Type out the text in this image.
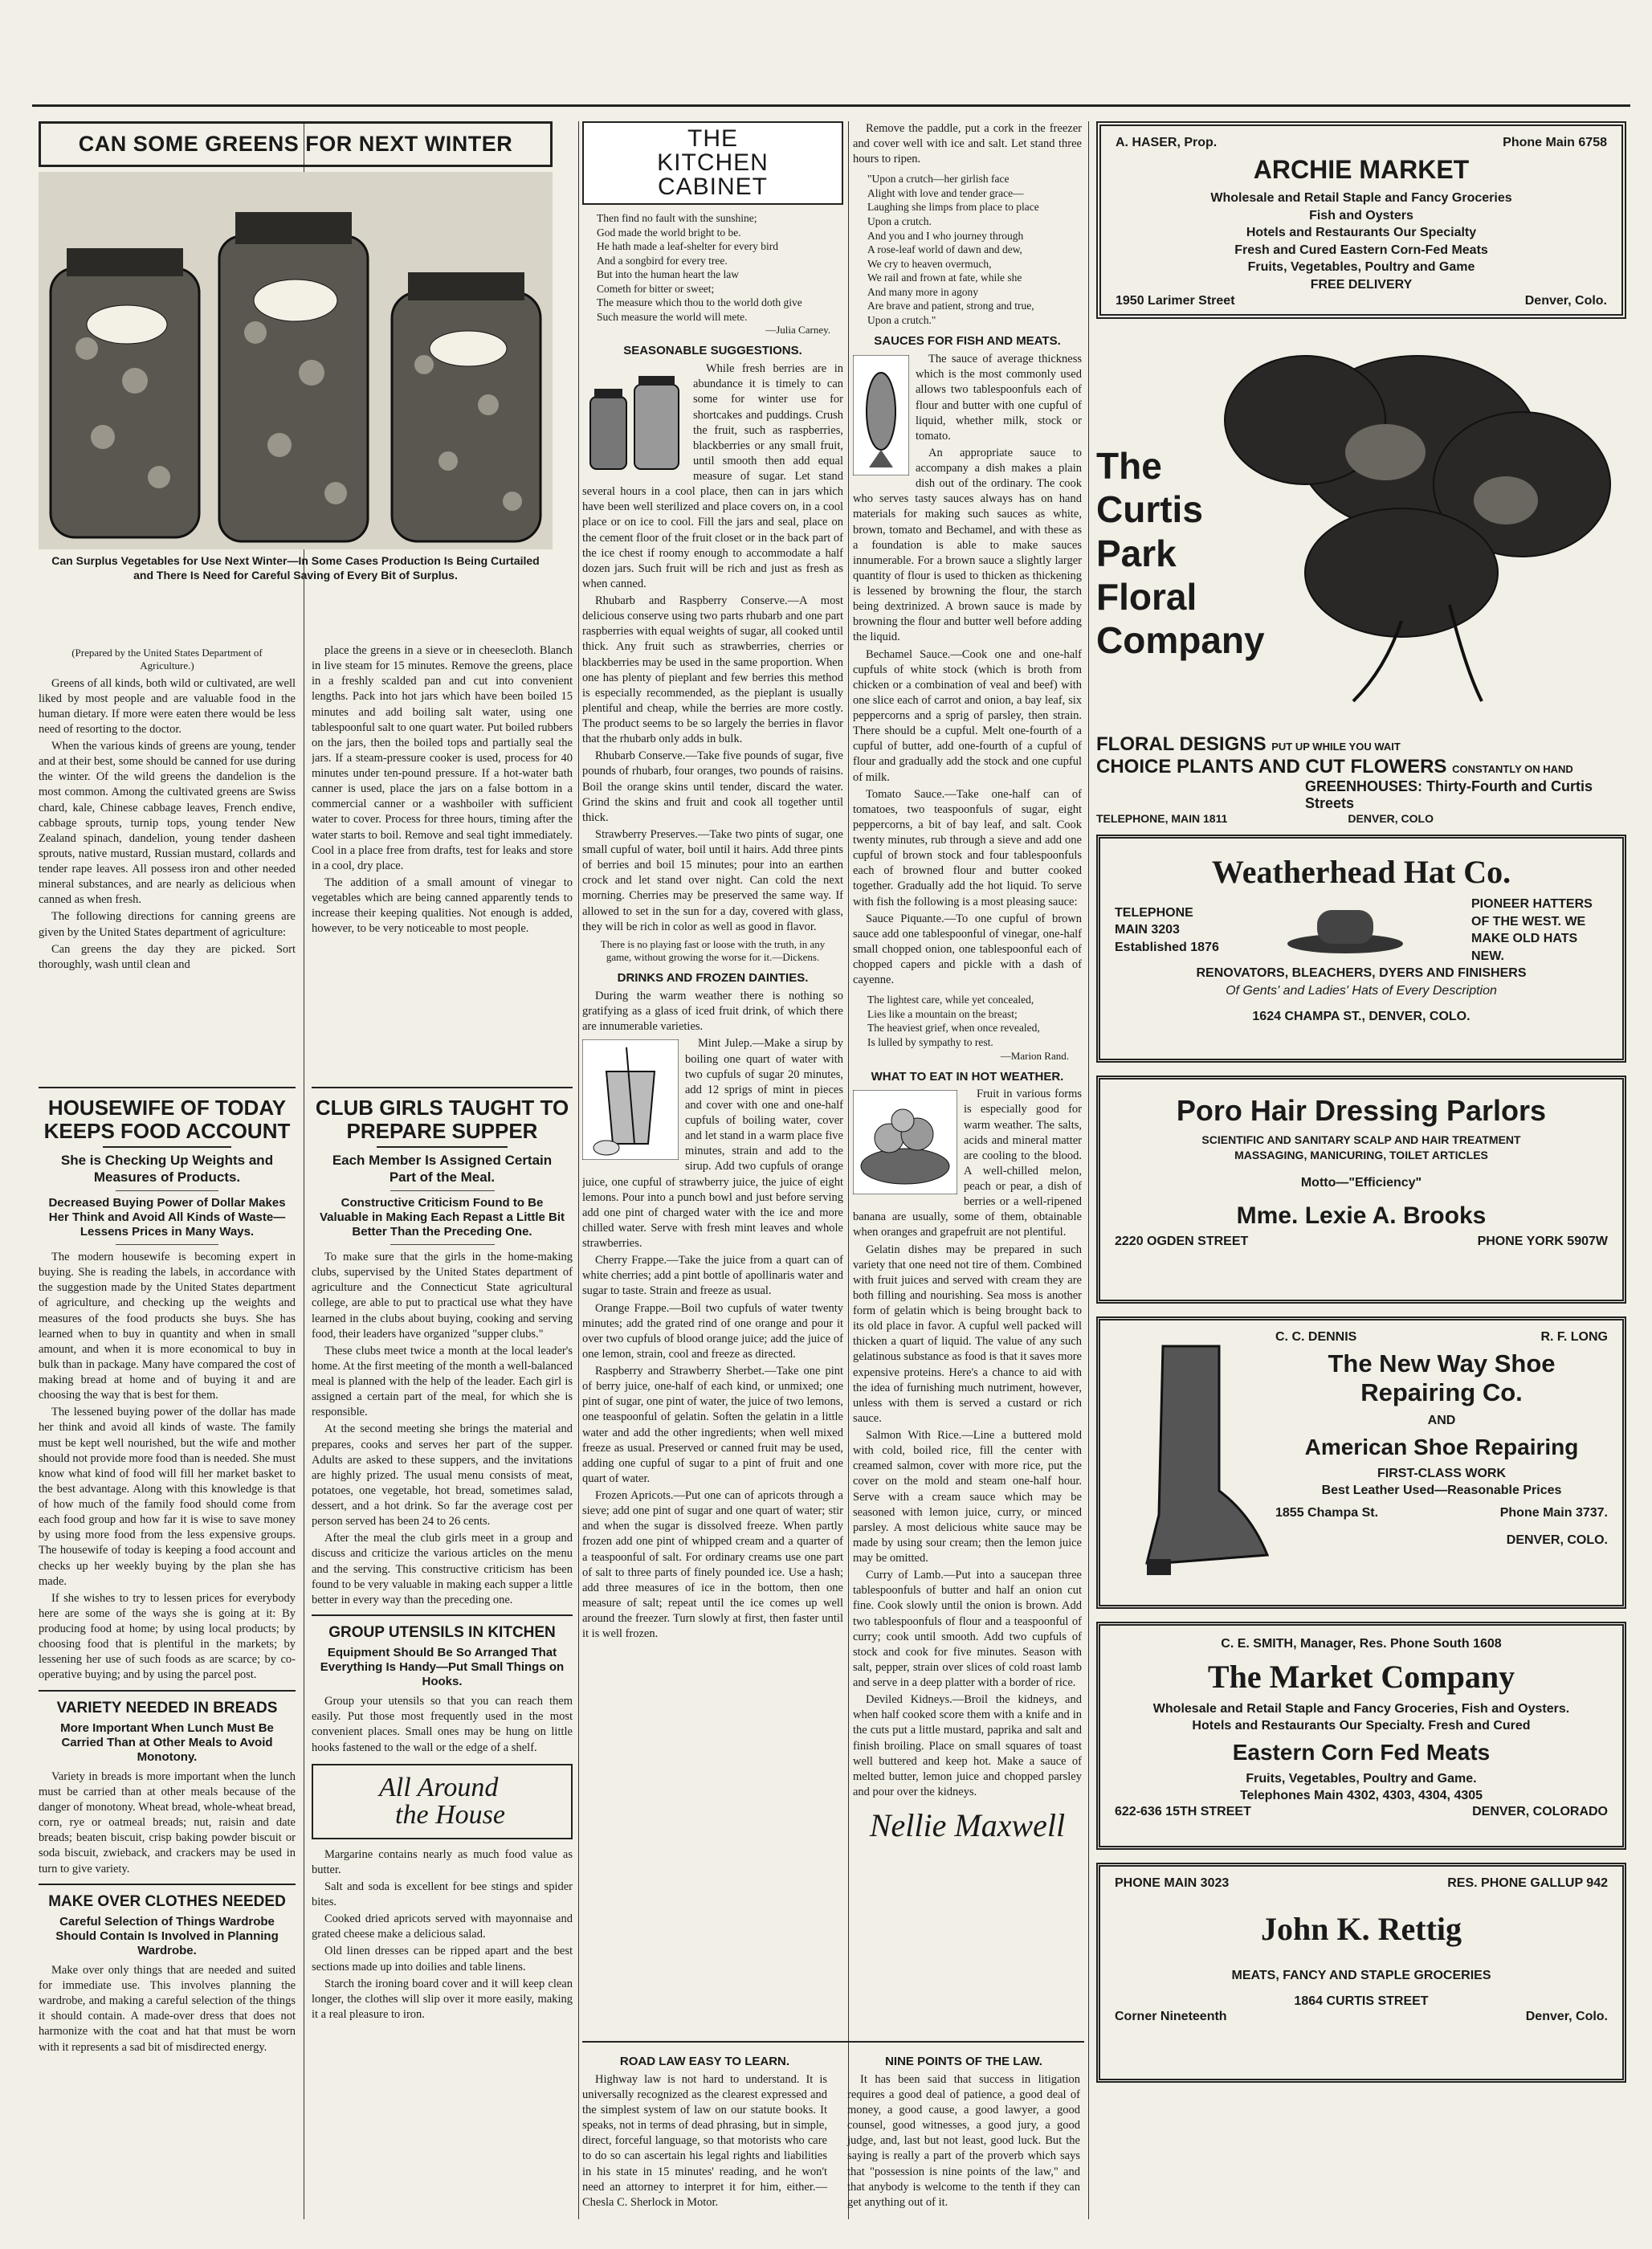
CAN SOME GREENS FOR NEXT WINTER
Can Surplus Vegetables for Use Next Winter—In Some Cases Production Is Being Curtailed and There Is Need for Careful Saving of Every Bit of Surplus.
(Prepared by the United States Department of Agriculture.)

Greens of all kinds, both wild or cultivated, are well liked by most people and are valuable food in the human dietary. If more were eaten there would be less need of resorting to the doctor.

When the various kinds of greens are young, tender and at their best, some should be canned for use during the winter. Of the wild greens the dandelion is the most common. Among the cultivated greens are Swiss chard, kale, Chinese cabbage leaves, French endive, cabbage sprouts, turnip tops, young tender New Zealand spinach, dandelion, young tender dasheen sprouts, native mustard, Russian mustard, collards and tender rape leaves. All possess iron and other needed mineral substances, and are nearly as delicious when canned as when fresh.

The following directions for canning greens are given by the United States department of agriculture:

Can greens the day they are picked. Sort thoroughly, wash until clean and

place the greens in a sieve or in cheesecloth. Blanch in live steam for 15 minutes. Remove the greens, place in a freshly scalded pan and cut into convenient lengths. Pack into hot jars which have been boiled 15 minutes and add boiling salt water, using one tablespoonful salt to one quart water. Put boiled rubbers on the jars, then the boiled tops and partially seal the jars. If a steam-pressure cooker is used, process for 40 minutes under ten-pound pressure. If a hot-water bath canner is used, place the jars on a false bottom in a commercial canner or a washboiler with sufficient water to cover. Process for three hours, timing after the water starts to boil. Remove and seal tight immediately. Cool in a place free from drafts, test for leaks and store in a cool, dry place.

The addition of a small amount of vinegar to vegetables which are being canned apparently tends to increase their keeping qualities. Not enough is added, however, to be very noticeable to most people.

HOUSEWIFE OF TODAY KEEPS FOOD ACCOUNT
She is Checking Up Weights and Measures of Products.
Decreased Buying Power of Dollar Makes Her Think and Avoid All Kinds of Waste—Lessens Prices in Many Ways.

The modern housewife is becoming expert in buying. She is reading the labels, in accordance with the suggestion made by the United States department of agriculture, and checking up the weights and measures of the food products she buys. She has learned when to buy in quantity and when in small amount, and when it is more economical to buy in bulk than in package. Many have compared the cost of making bread at home and of buying it and are choosing the way that is best for them.

The lessened buying power of the dollar has made her think and avoid all kinds of waste. The family must be kept well nourished, but the wife and mother should not provide more food than is needed. She must know what kind of food will fill her market basket to the best advantage. Along with this knowledge is that of how much of the family food should come from each food group and how far it is wise to save money by using more food from the less expensive groups. The housewife of today is keeping a food account and checks up her weekly buying by the plan she has made.

If she wishes to try to lessen prices for everybody here are some of the ways she is going at it: By producing food at home; by using local products; by choosing food that is plentiful in the markets; by lessening her use of such foods as are scarce; by co-operative buying; and by using the parcel post.

VARIETY NEEDED IN BREADS
More Important When Lunch Must Be Carried Than at Other Meals to Avoid Monotony.

Variety in breads is more important when the lunch must be carried than at other meals because of the danger of monotony. Wheat bread, whole-wheat bread, corn, rye or oatmeal breads; nut, raisin and date breads; beaten biscuit, crisp baking powder biscuit or soda biscuit, zwieback, and crackers may be used in turn to give variety.

MAKE OVER CLOTHES NEEDED
Careful Selection of Things Wardrobe Should Contain Is Involved in Planning Wardrobe.

Make over only things that are needed and suited for immediate use. This involves planning the wardrobe, and making a careful selection of the things it should contain. A made-over dress that does not harmonize with the coat and hat that must be worn with it represents a sad bit of misdirected energy.

CLUB GIRLS TAUGHT TO PREPARE SUPPER
Each Member Is Assigned Certain Part of the Meal.
Constructive Criticism Found to Be Valuable in Making Each Repast a Little Bit Better Than the Preceding One.

To make sure that the girls in the home-making clubs, supervised by the United States department of agriculture and the Connecticut State agricultural college, are able to put to practical use what they have learned in the clubs about buying, cooking and serving food, their leaders have organized "supper clubs."

These clubs meet twice a month at the local leader's home. At the first meeting of the month a well-balanced meal is planned with the help of the leader. Each girl is assigned a certain part of the meal, for which she is responsible.

At the second meeting she brings the material and prepares, cooks and serves her part of the supper. Adults are asked to these suppers, and the invitations are highly prized. The usual menu consists of meat, potatoes, one vegetable, hot bread, sometimes salad, dessert, and a hot drink. So far the average cost per person served has been 24 to 26 cents.

After the meal the club girls meet in a group and discuss and criticize the various articles on the menu and the serving. This constructive criticism has been found to be very valuable in making each supper a little better in every way than the preceding one.

GROUP UTENSILS IN KITCHEN
Equipment Should Be So Arranged That Everything Is Handy—Put Small Things on Hooks.

Group your utensils so that you can reach them easily. Put those most frequently used in the most convenient places. Small ones may be hung on little hooks fastened to the wall or the edge of a shelf.

All Around
the House

Margarine contains nearly as much food value as butter.

Salt and soda is excellent for bee stings and spider bites.

Cooked dried apricots served with mayonnaise and grated cheese make a delicious salad.

Old linen dresses can be ripped apart and the best sections made up into doilies and table linens.

Starch the ironing board cover and it will keep clean longer, the clothes will slip over it more easily, making it a real pleasure to iron.

THE
KITCHEN
CABINET
Then find no fault with the sunshine;
God made the world bright to be.
He hath made a leaf-shelter for every bird
And a songbird for every tree.
But into the human heart the law
Cometh for bitter or sweet;
The measure which thou to the world doth give
Such measure the world will mete.
—Julia Carney.
SEASONABLE SUGGESTIONS.

While fresh berries are in abundance it is timely to can some for winter use for shortcakes and puddings. Crush the fruit, such as raspberries, blackberries or any small fruit, until smooth then add equal measure of sugar. Let stand several hours in a cool place, then can in jars which have been well sterilized and place covers on, in a cool place or on ice to cool. Fill the jars and seal, place on the cement floor of the fruit closet or in the back part of the ice chest if roomy enough to accommodate a half dozen jars. Such fruit will be rich and just as fresh as when canned.

Rhubarb and Raspberry Conserve.—A most delicious conserve using two parts rhubarb and one part raspberries with equal weights of sugar, all cooked until thick. Any fruit such as strawberries, cherries or blackberries may be used in the same proportion. When one has plenty of pieplant and few berries this method is especially recommended, as the pieplant is usually plentiful and cheap, while the berries are more costly. The product seems to be so largely the berries in flavor that the rhubarb only adds in bulk.

Rhubarb Conserve.—Take five pounds of sugar, five pounds of rhubarb, four oranges, two pounds of raisins. Boil the orange skins until tender, discard the water. Grind the skins and fruit and cook all together until thick.

Strawberry Preserves.—Take two pints of sugar, one small cupful of water, boil until it hairs. Add three pints of berries and boil 15 minutes; pour into an earthen crock and let stand over night. Can cold the next morning. Cherries may be preserved the same way. If allowed to set in the sun for a day, covered with glass, they will be rich in color as well as good in flavor.

There is no playing fast or loose with the truth, in any game, without growing the worse for it.—Dickens.
DRINKS AND FROZEN DAINTIES.

During the warm weather there is nothing so gratifying as a glass of iced fruit drink, of which there are innumerable varieties.

Mint Julep.—Make a sirup by boiling one quart of water with two cupfuls of sugar 20 minutes, add 12 sprigs of mint in pieces and cover with one and one-half cupfuls of boiling water, cover and let stand in a warm place five minutes, strain and add to the sirup. Add two cupfuls of orange juice, one cupful of strawberry juice, the juice of eight lemons. Pour into a punch bowl and just before serving add one pint of charged water with the ice and more chilled water. Serve with fresh mint leaves and whole strawberries.

Cherry Frappe.—Take the juice from a quart can of white cherries; add a pint bottle of apollinaris water and sugar to taste. Strain and freeze as usual.

Orange Frappe.—Boil two cupfuls of water twenty minutes; add the grated rind of one orange and pour it over two cupfuls of blood orange juice; add the juice of one lemon, strain, cool and freeze as directed.

Raspberry and Strawberry Sherbet.—Take one pint of berry juice, one-half of each kind, or unmixed; one pint of sugar, one pint of water, the juice of two lemons, one teaspoonful of gelatin. Soften the gelatin in a little water and add the other ingredients; when well mixed freeze as usual. Preserved or canned fruit may be used, adding one cupful of sugar to a pint of fruit and one quart of water.

Frozen Apricots.—Put one can of apricots through a sieve; add one pint of sugar and one quart of water; stir and when the sugar is dissolved freeze. When partly frozen add one pint of whipped cream and a quarter of a teaspoonful of salt. For ordinary creams use one part of salt to three parts of finely pounded ice. Use a hash; add three measures of ice in the bottom, then one measure of salt; repeat until the ice comes up well around the freezer. Turn slowly at first, then faster until it is well frozen.

Remove the paddle, put a cork in the freezer and cover well with ice and salt. Let stand three hours to ripen.

"Upon a crutch—her girlish face
Alight with love and tender grace—
Laughing she limps from place to place
Upon a crutch.
And you and I who journey through
A rose-leaf world of dawn and dew,
We cry to heaven overmuch,
We rail and frown at fate, while she
And many more in agony
Are brave and patient, strong and true,
Upon a crutch."
SAUCES FOR FISH AND MEATS.

The sauce of average thickness which is the most commonly used allows two tablespoonfuls each of flour and butter with one cupful of liquid, whether milk, stock or tomato.

An appropriate sauce to accompany a dish makes a plain dish out of the ordinary. The cook who serves tasty sauces always has on hand materials for making such sauces as white, brown, tomato and Bechamel, and with these as a foundation is able to make sauces innumerable. For a brown sauce a slightly larger quantity of flour is used to thicken as thickening is lessened by browning the flour, the starch being dextrinized. A brown sauce is made by browning the flour and butter well before adding the liquid.

Bechamel Sauce.—Cook one and one-half cupfuls of white stock (which is broth from chicken or a combination of veal and beef) with one slice each of carrot and onion, a bay leaf, six peppercorns and a sprig of parsley, then strain. There should be a cupful. Melt one-fourth of a cupful of butter, add one-fourth of a cupful of flour and gradually add the stock and one cupful of milk.

Tomato Sauce.—Take one-half can of tomatoes, two teaspoonfuls of sugar, eight peppercorns, a bit of bay leaf, and salt. Cook twenty minutes, rub through a sieve and add one cupful of brown stock and four tablespoonfuls each of browned flour and butter cooked together. Gradually add the hot liquid. To serve with fish the following is a most pleasing sauce:

Sauce Piquante.—To one cupful of brown sauce add one tablespoonful of vinegar, one-half small chopped onion, one tablespoonful each of chopped capers and pickle with a dash of cayenne.

The lightest care, while yet concealed,
Lies like a mountain on the breast;
The heaviest grief, when once revealed,
Is lulled by sympathy to rest.
—Marion Rand.
WHAT TO EAT IN HOT WEATHER.

Fruit in various forms is especially good for warm weather. The salts, acids and mineral matter are cooling to the blood. A well-chilled melon, peach or pear, a dish of berries or a well-ripened banana are usually, some of them, obtainable when oranges and grapefruit are not plentiful.

Gelatin dishes may be prepared in such variety that one need not tire of them. Combined with fruit juices and served with cream they are both filling and nourishing. Sea moss is another form of gelatin which is being brought back to its old place in favor. A cupful well packed will thicken a quart of liquid. The value of any such gelatinous substance as food is that it saves more expensive proteins. Here's a chance to aid with the idea of furnishing much nutriment, however, unless with them is served a custard or rich sauce.

Salmon With Rice.—Line a buttered mold with cold, boiled rice, fill the center with creamed salmon, cover with more rice, put the cover on the mold and steam one-half hour. Serve with a cream sauce which may be seasoned with lemon juice, curry, or minced parsley. A most delicious white sauce may be made by using sour cream; then the lemon juice may be omitted.

Curry of Lamb.—Put into a saucepan three tablespoonfuls of butter and half an onion cut fine. Cook slowly until the onion is brown. Add two tablespoonfuls of flour and a teaspoonful of curry; cook until smooth. Add two cupfuls of stock and cook for five minutes. Season with salt, pepper, strain over slices of cold roast lamb and serve in a deep platter with a border of rice.

Deviled Kidneys.—Broil the kidneys, and when half cooked score them with a knife and in the cuts put a little mustard, paprika and salt and finish broiling. Place on small squares of toast well buttered and keep hot. Make a sauce of melted butter, lemon juice and chopped parsley and pour over the kidneys.

Nellie Maxwell
ROAD LAW EASY TO LEARN.

Highway law is not hard to understand. It is universally recognized as the clearest expressed and the simplest system of law on our statute books. It speaks, not in terms of dead phrasing, but in simple, direct, forceful language, so that motorists who care to do so can ascertain his legal rights and liabilities in his state in 15 minutes' reading, and he won't need an attorney to interpret it for him, either.—Chesla C. Sherlock in Motor.

NINE POINTS OF THE LAW.

It has been said that success in litigation requires a good deal of patience, a good deal of money, a good cause, a good lawyer, a good counsel, good witnesses, a good jury, a good judge, and, last but not least, good luck. But the saying is really a part of the proverb which says that "possession is nine points of the law," and that anybody is welcome to the tenth if they can get anything out of it.

A. HASER, Prop.	Phone Main 6758
ARCHIE MARKET
Wholesale and Retail Staple and Fancy Groceries
Fish and Oysters
Hotels and Restaurants Our Specialty
Fresh and Cured Eastern Corn-Fed Meats
Fruits, Vegetables, Poultry and Game
FREE DELIVERY
1950 Larimer Street	Denver, Colo.
The
Curtis
Park
Floral
Company
FLORAL DESIGNS PUT UP WHILE YOU WAIT
CHOICE PLANTS AND CUT FLOWERS CONSTANTLY ON HAND
GREENHOUSES: Thirty-Fourth and Curtis Streets
TELEPHONE, MAIN 1811	DENVER, COLO
Weatherhead Hat Co.
TELEPHONE
MAIN 3203
Established 1876
PIONEER HATTERS OF THE WEST. WE MAKE OLD HATS NEW.
RENOVATORS, BLEACHERS, DYERS AND FINISHERS
Of Gents' and Ladies' Hats of Every Description
1624 CHAMPA ST., DENVER, COLO.
Poro Hair Dressing Parlors
SCIENTIFIC AND SANITARY SCALP AND HAIR TREATMENT
MASSAGING, MANICURING, TOILET ARTICLES
Motto—"Efficiency"
Mme. Lexie A. Brooks
2220 OGDEN STREET	PHONE YORK 5907W
C. C. DENNIS	R. F. LONG
The New Way Shoe Repairing Co.
AND
American Shoe Repairing
FIRST-CLASS WORK
Best Leather Used—Reasonable Prices
1855 Champa St.	Phone Main 3737.
DENVER, COLO.
C. E. SMITH, Manager, Res. Phone South 1608
The Market Company
Wholesale and Retail Staple and Fancy Groceries, Fish and Oysters.
Hotels and Restaurants Our Specialty. Fresh and Cured
Eastern Corn Fed Meats
Fruits, Vegetables, Poultry and Game.
Telephones Main 4302, 4303, 4304, 4305
622-636 15TH STREET	DENVER, COLORADO
PHONE MAIN 3023	RES. PHONE GALLUP 942
John K. Rettig
MEATS, FANCY AND STAPLE GROCERIES
1864 CURTIS STREET
Corner Nineteenth	Denver, Colo.
